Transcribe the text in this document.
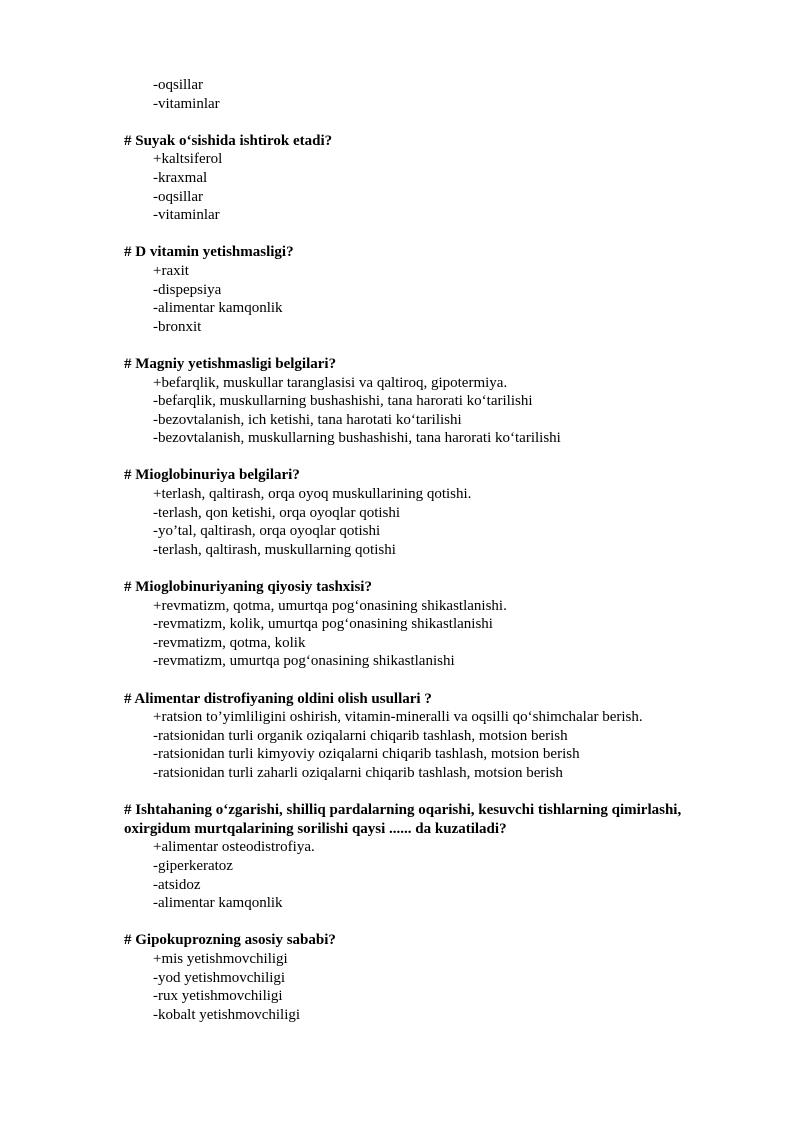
-oqsillar
-vitaminlar
# Suyak o‘sishida ishtirok etadi?
+kaltsiferol
-kraxmal
-oqsillar
-vitaminlar
# D vitamin yetishmasligi?
+raxit
-dispepsiya
-alimentar kamqonlik
-bronxit
# Magniy yetishmasligi belgilari?
+befarqlik, muskullar taranglasisi va qaltiroq, gipotermiya.
-befarqlik, muskullarning bushashishi, tana harorati ko‘tarilishi
-bezovtalanish, ich ketishi, tana harotati ko‘tarilishi
-bezovtalanish, muskullarning bushashishi, tana harorati ko‘tarilishi
# Mioglobinuriya belgilari?
+terlash, qaltirash, orqa oyoq muskullarining qotishi.
-terlash, qon ketishi, orqa oyoqlar qotishi
-yo’tal, qaltirash, orqa oyoqlar qotishi
-terlash, qaltirash, muskullarning qotishi
# Mioglobinuriyaning qiyosiy tashxisi?
+revmatizm, qotma, umurtqa pog‘onasining shikastlanishi.
-revmatizm, kolik, umurtqa pog‘onasining shikastlanishi
-revmatizm, qotma, kolik
-revmatizm, umurtqa pog‘onasining shikastlanishi
# Alimentar distrofiyaning oldini olish usullari ?
+ratsion to’yimliligini oshirish, vitamin-mineralli va oqsilli qo‘shimchalar berish.
-ratsionidan turli organik oziqalarni chiqarib tashlash, motsion berish
-ratsionidan turli kimyoviy oziqalarni chiqarib tashlash, motsion berish
-ratsionidan turli zaharli oziqalarni chiqarib tashlash, motsion berish
# Ishtahaning o‘zgarishi, shilliq pardalarning oqarishi, kesuvchi tishlarning qimirlashi, oxirgidum murtqalarining sorilishi qaysi ...... da kuzatiladi?
+alimentar osteodistrofiya.
-giperkeratoz
-atsidoz
-alimentar kamqonlik
# Gipokuprozning asosiy sababi?
+mis yetishmovchiligi
-yod yetishmovchiligi
-rux yetishmovchiligi
-kobalt yetishmovchiligi
